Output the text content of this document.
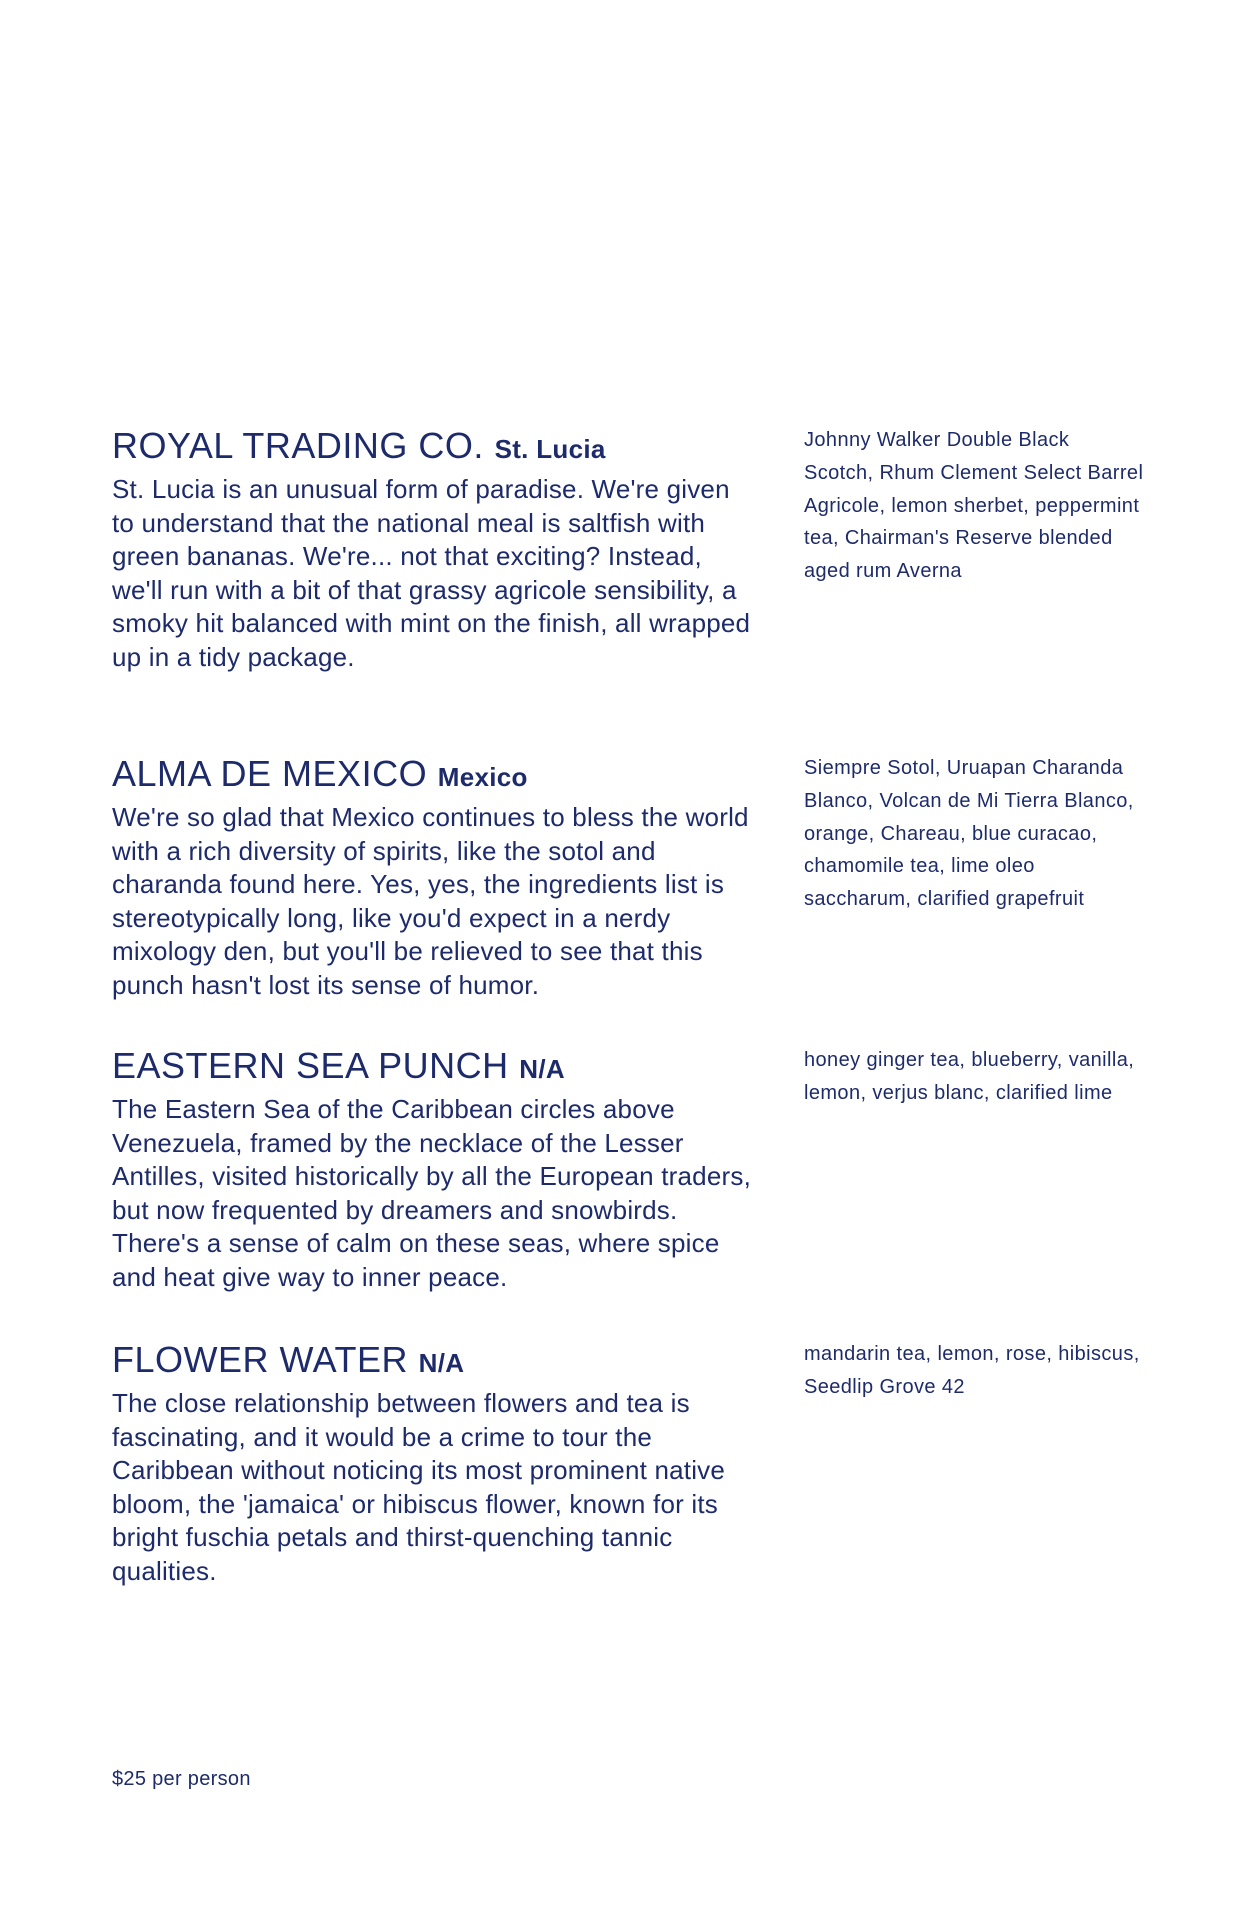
ROYAL TRADING CO. St. Lucia

St. Lucia is an unusual form of paradise. We're given to understand that the national meal is saltfish with green bananas. We're... not that exciting? Instead, we'll run with a bit of that grassy agricole sensibility, a smoky hit balanced with mint on the finish, all wrapped up in a tidy package.

Johnny Walker Double Black Scotch, Rhum Clement Select Barrel Agricole, lemon sherbet, peppermint tea, Chairman's Reserve blended aged rum Averna

ALMA DE MEXICO Mexico

We're so glad that Mexico continues to bless the world with a rich diversity of spirits, like the sotol and charanda found here. Yes, yes, the ingredients list is stereotypically long, like you'd expect in a nerdy mixology den, but you'll be relieved to see that this punch hasn't lost its sense of humor.

Siempre Sotol, Uruapan Charanda Blanco, Volcan de Mi Tierra Blanco, orange, Chareau, blue curacao, chamomile tea, lime oleo saccharum, clarified grapefruit

EASTERN SEA PUNCH N/A

The Eastern Sea of the Caribbean circles above Venezuela, framed by the necklace of the Lesser Antilles, visited historically by all the European traders, but now frequented by dreamers and snowbirds. There's a sense of calm on these seas, where spice and heat give way to inner peace.

honey ginger tea, blueberry, vanilla, lemon, verjus blanc, clarified lime

FLOWER WATER N/A

The close relationship between flowers and tea is fascinating, and it would be a crime to tour the Caribbean without noticing its most prominent native bloom, the 'jamaica' or hibiscus flower, known for its bright fuschia petals and thirst-quenching tannic qualities.

mandarin tea, lemon, rose, hibiscus, Seedlip Grove 42

$25 per person
